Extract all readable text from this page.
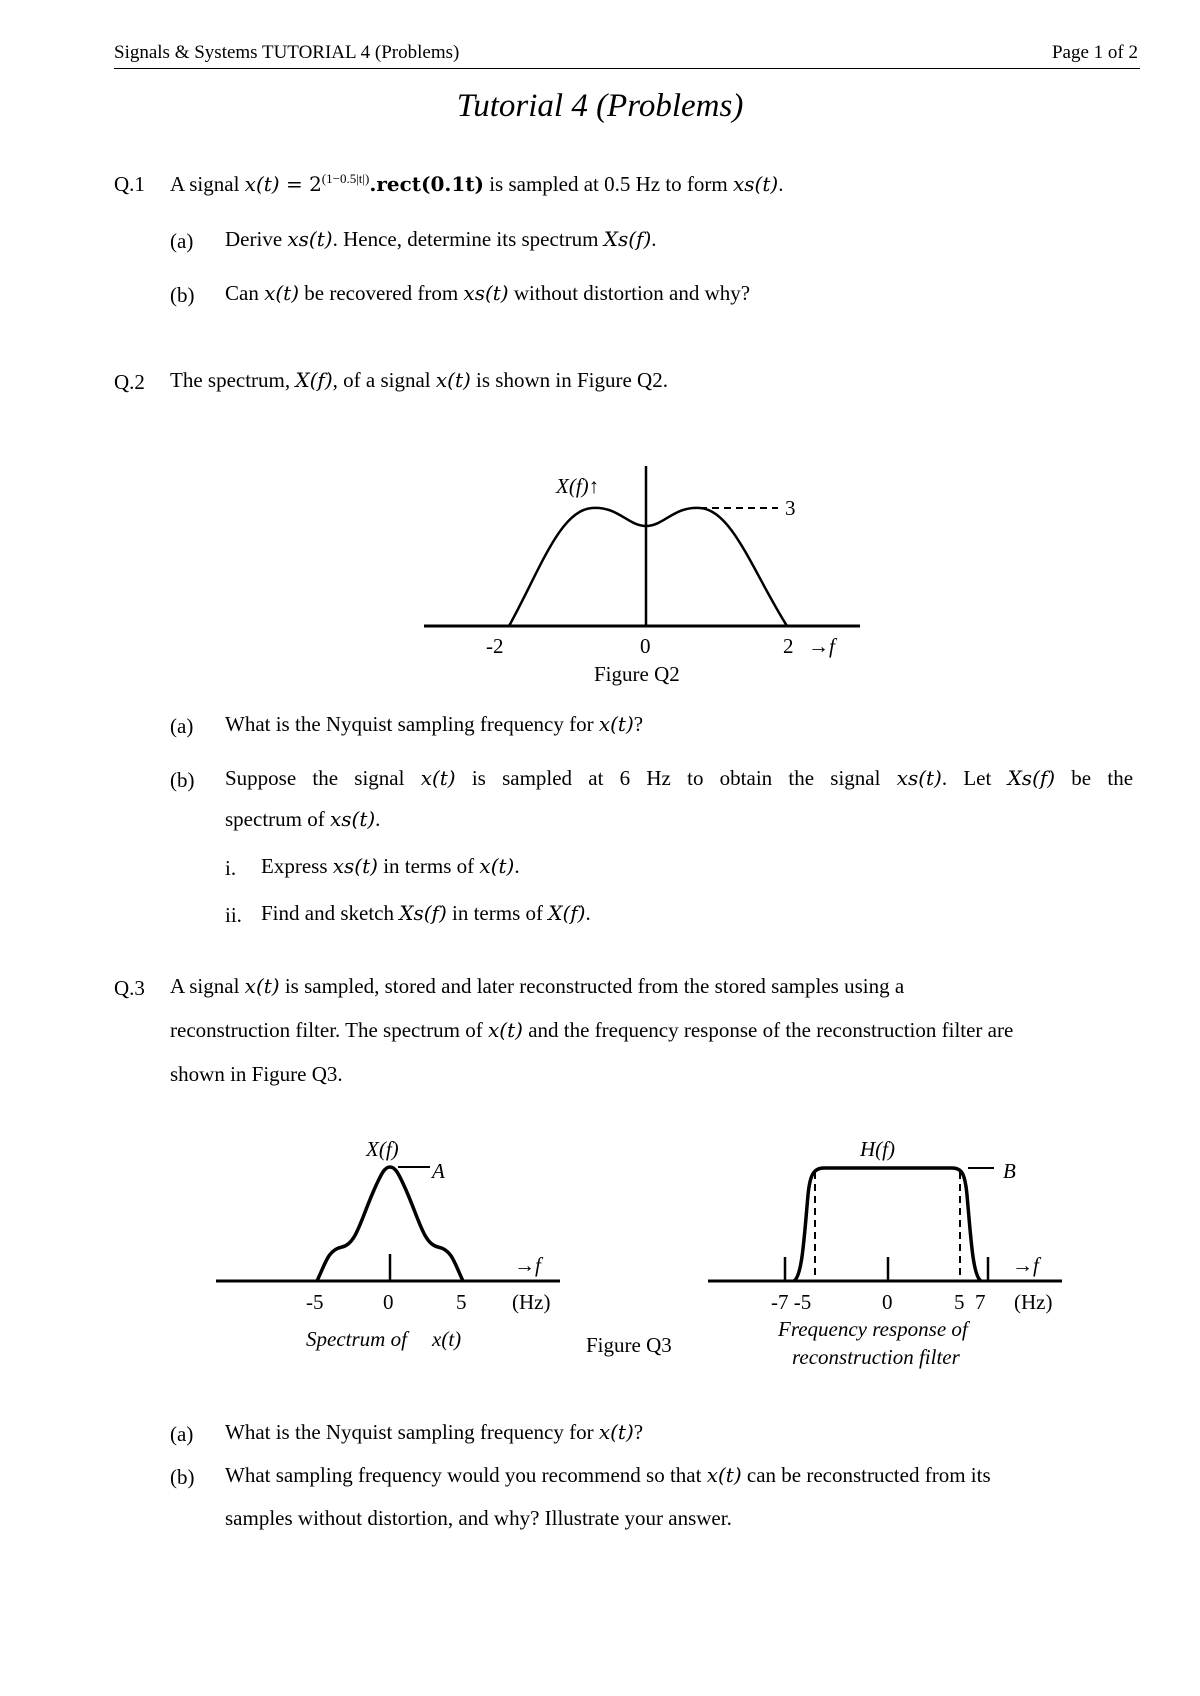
Signals & Systems TUTORIAL 4 (Problems)	Page 1 of 2
Tutorial 4 (Problems)
Q.1 A signal $x(t) = 2^{(1-0.5|t|)}.rect(0.1t)$ is sampled at 0.5 Hz to form xs(t).
(a) Derive xs(t). Hence, determine its spectrum Xs(f).
(b) Can x(t) be recovered from xs(t) without distortion and why?
Q.2 The spectrum, X(f), of a signal x(t) is shown in Figure Q2.
X(f)↑
3
-2	0	2 →f
Figure Q2
(a) What is the Nyquist sampling frequency for x(t)?
(b) Suppose the signal x(t) is sampled at 6 Hz to obtain the signal xs(t). Let Xs(f) be the
spectrum of xs(t).
i. Express xs(t) in terms of x(t).
ii. Find and sketch Xs(f) in terms of X(f).
Q.3 A signal x(t) is sampled, stored and later reconstructed from the stored samples using a
reconstruction filter. The spectrum of x(t) and the frequency response of the reconstruction filter are
shown in Figure Q3.
X(f)
A
→f
-5	0	5 (Hz)
Spectrum of x(t)	Figure Q3
H(f)
B
→f
-7 -5	0	5  7 (Hz)
Frequency response of
reconstruction filter
(a) What is the Nyquist sampling frequency for x(t)?
(b) What sampling frequency would you recommend so that x(t) can be reconstructed from its
samples without distortion, and why? Illustrate your answer.
